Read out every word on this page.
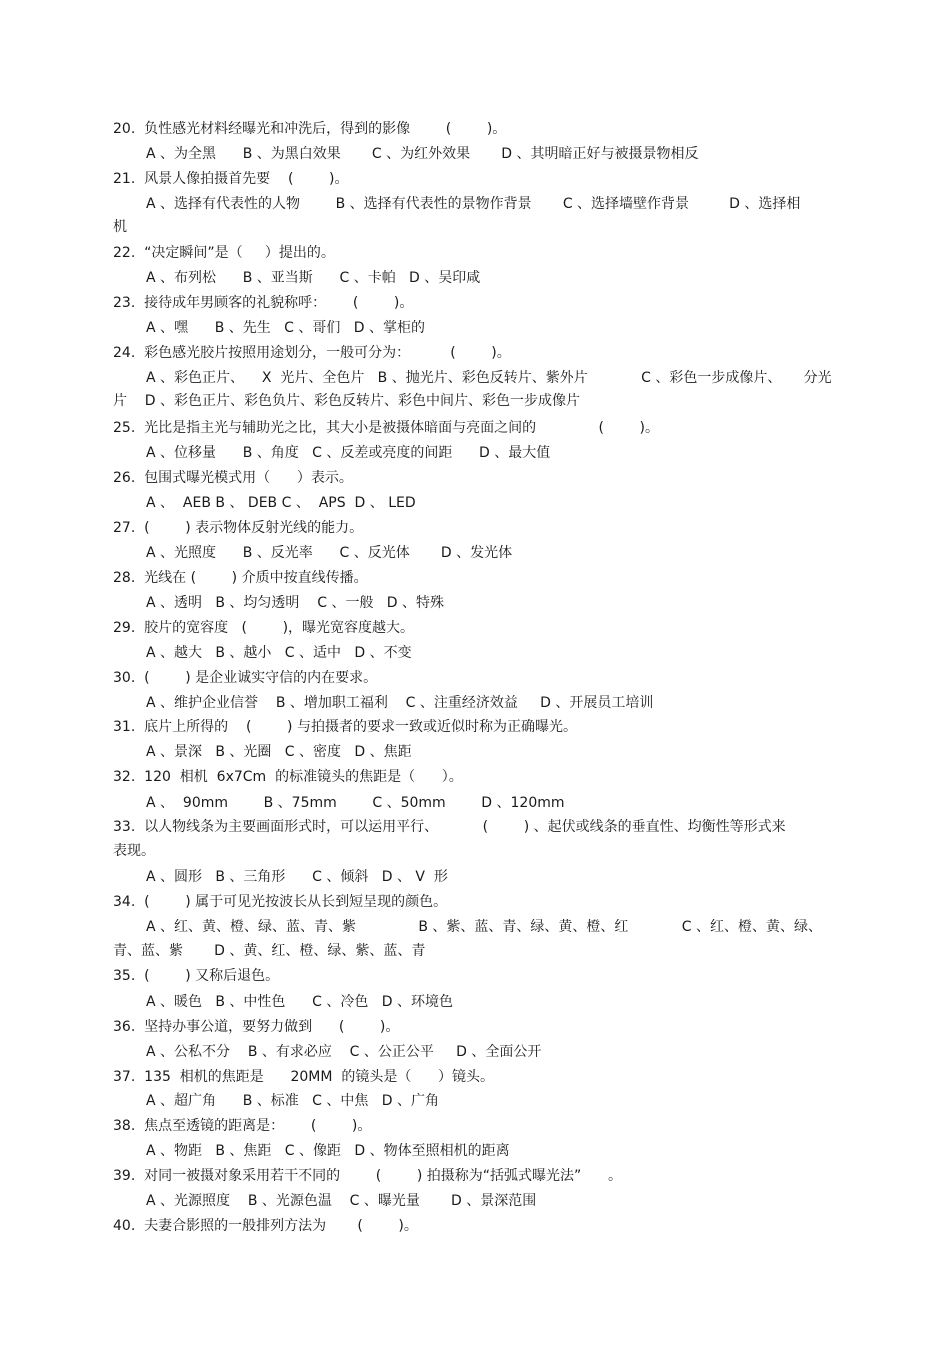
20.  负性感光材料经曝光和冲洗后，得到的影像        (        )。

A 、为全黑      B 、为黑白效果       C 、为红外效果       D 、其明暗正好与被摄景物相反

21.  风景人像拍摄首先要    (        )。

A 、选择有代表性的人物        B 、选择有代表性的景物作背景       C 、选择墙壁作背景         D 、选择相

机

22.  “决定瞬间”是（     ）提出的。

A 、布列松      B 、亚当斯      C 、卡帕   D 、吴印咸

23.  接待成年男顾客的礼貌称呼：      (        )。

A 、嘿      B 、先生   C 、哥们   D 、掌柜的

24.  彩色感光胶片按照用途划分，一般可分为：         (        )。

A 、彩色正片、    X  光片、全色片   B 、抛光片、彩色反转片、紫外片            C 、彩色一步成像片、     分光

片    D 、彩色正片、彩色负片、彩色反转片、彩色中间片、彩色一步成像片

25.  光比是指主光与辅助光之比，其大小是被摄体暗面与亮面之间的              (        )。

A 、位移量      B 、角度   C 、反差或亮度的间距      D 、最大值

26.  包围式曝光模式用（      ）表示。

A 、  AEB B 、 DEB C 、  APS  D 、 LED

27.  (        ) 表示物体反射光线的能力。

A 、光照度      B 、反光率      C 、反光体       D 、发光体

28.  光线在 (        ) 介质中按直线传播。

A 、透明   B 、均匀透明    C 、一般   D 、特殊

29.  胶片的宽容度   (        )，曝光宽容度越大。

A 、越大   B 、越小   C 、适中   D 、不变

30.  (        ) 是企业诚实守信的内在要求。

A 、维护企业信誉    B 、增加职工福利    C 、注重经济效益     D 、开展员工培训

31.  底片上所得的    (        ) 与拍摄者的要求一致或近似时称为正确曝光。

A 、景深   B 、光圈   C 、密度   D 、焦距

32.  120  相机  6x7Cm  的标准镜头的焦距是（      ）。

A 、  90mm        B 、75mm        C 、50mm        D 、120mm

33.  以人物线条为主要画面形式时，可以运用平行、          (        ) 、起伏或线条的垂直性、均衡性等形式来

表现。

A 、圆形   B 、三角形      C 、倾斜   D 、 V  形

34.  (        ) 属于可见光按波长从长到短呈现的颜色。

A 、红、黄、橙、绿、蓝、青、紫              B 、紫、蓝、青、绿、黄、橙、红            C 、红、橙、黄、绿、

青、蓝、紫       D 、黄、红、橙、绿、紫、蓝、青

35.  (        ) 又称后退色。

A 、暖色   B 、中性色      C 、冷色   D 、环境色

36.  坚持办事公道，要努力做到      (        )。

A 、公私不分    B 、有求必应    C 、公正公平     D 、全面公开

37.  135  相机的焦距是      20MM  的镜头是（      ）镜头。

A 、超广角      B 、标准   C 、中焦   D 、广角

38.  焦点至透镜的距离是：      (        )。

A 、物距   B 、焦距   C 、像距   D 、物体至照相机的距离

39.  对同一被摄对象采用若干不同的        (        ) 拍摄称为“括弧式曝光法”      。

A 、光源照度    B 、光源色温    C 、曝光量       D 、景深范围

40.  夫妻合影照的一般排列方法为       (        )。
